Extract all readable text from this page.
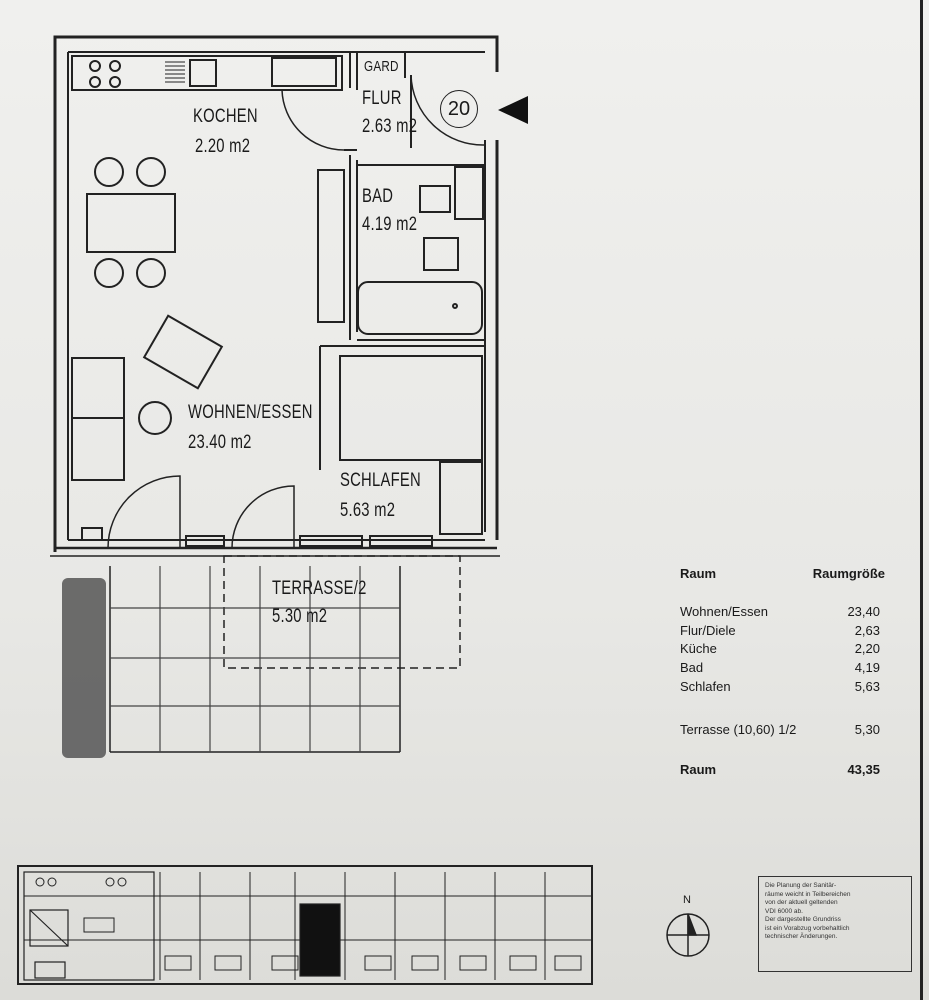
KOCHEN
2.20 m2
GARD
FLUR
2.63 m2
BAD
4.19 m2
WOHNEN/ESSEN
23.40 m2
SCHLAFEN
5.63 m2
TERRASSE/2
5.30 m2
20
Raum	Raumgröße
Wohnen/Essen	23,40
Flur/Diele	2,63
Küche	2,20
Bad	4,19
Schlafen	5,63
Terrasse (10,60) 1/2	5,30
Raum	43,35
N
Die Planung der Sanitär-
räume weicht in Teilbereichen
von der aktuell geltenden
VDI 6000 ab.
Der dargestellte Grundriss
ist ein Vorabzug vorbehaltlich
technischer Änderungen.
